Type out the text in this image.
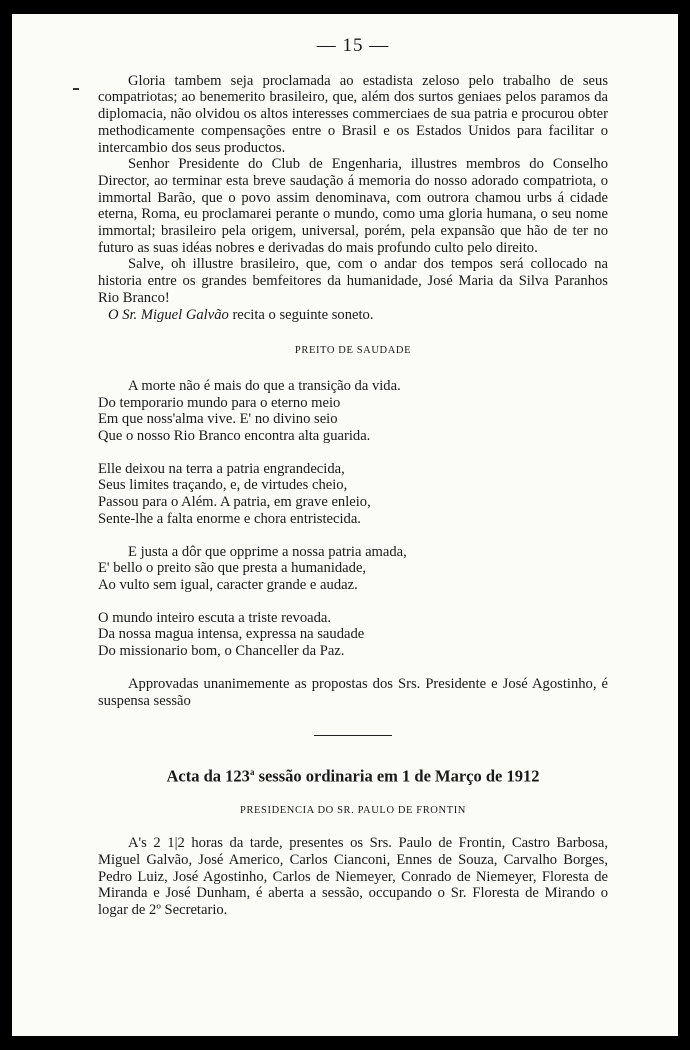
— 15 —

Gloria tambem seja proclamada ao estadista zeloso pelo trabalho de seus compatriotas; ao benemerito brasileiro, que, além dos surtos geniaes pelos paramos da diplomacia, não olvidou os altos interesses commerciaes de sua patria e procurou obter methodicamente compensações entre o Brasil e os Estados Unidos para facilitar o intercambio dos seus productos.

Senhor Presidente do Club de Engenharia, illustres membros do Conselho Director, ao terminar esta breve saudação á memoria do nosso adorado compatriota, o immortal Barão, que o povo assim denominava, com outrora chamou urbs á cidade eterna, Roma, eu proclamarei perante o mundo, como uma gloria humana, o seu nome immortal; brasileiro pela origem, universal, porém, pela expansão que hão de ter no futuro as suas idéas nobres e derivadas do mais profundo culto pelo direito.

Salve, oh illustre brasileiro, que, com o andar dos tempos será collocado na historia entre os grandes bemfeitores da humanidade, José Maria da Silva Paranhos Rio Branco!

O Sr. Miguel Galvão recita o seguinte soneto.

PREITO DE SAUDADE
A morte não é mais do que a transição da vida.
Do temporario mundo para o eterno meio
Em que noss'alma vive. E' no divino seio
Que o nosso Rio Branco encontra alta guarida.
Elle deixou na terra a patria engrandecida,
Seus limites traçando, e, de virtudes cheio,
Passou para o Além. A patria, em grave enleio,
Sente-lhe a falta enorme e chora entristecida.
E justa a dôr que opprime a nossa patria amada,
E' bello o preito são que presta a humanidade,
Ao vulto sem igual, caracter grande e audaz.
O mundo inteiro escuta a triste revoada.
Da nossa magua intensa, expressa na saudade
Do missionario bom, o Chanceller da Paz.

Approvadas unanimemente as propostas dos Srs. Presidente e José Agostinho, é suspensa sessão

Acta da 123$^a$ sessão ordinaria em 1 de Março de 1912
PRESIDENCIA DO SR. PAULO DE FRONTIN

A's 2 1|2 horas da tarde, presentes os Srs. Paulo de Frontin, Castro Barbosa, Miguel Galvão, José Americo, Carlos Cianconi, Ennes de Souza, Carvalho Borges, Pedro Luiz, José Agostinho, Carlos de Niemeyer, Conrado de Niemeyer, Floresta de Miranda e José Dunham, é aberta a sessão, occupando o Sr. Floresta de Mirando o logar de 2º Secretario.
